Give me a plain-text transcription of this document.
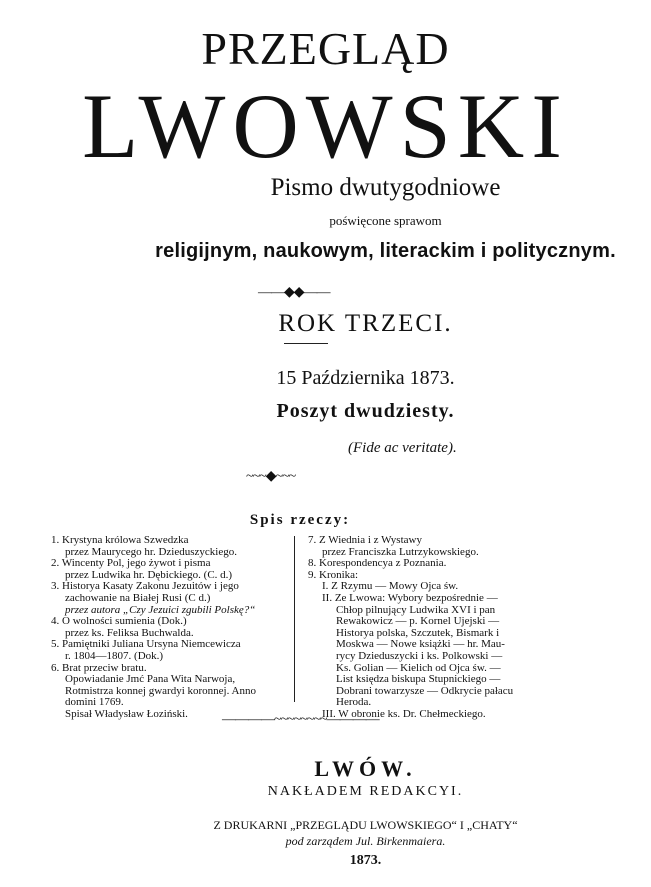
PRZEGLĄD
LWOWSKI
Pismo dwutygodniowe
poświęcone sprawom
religijnym, naukowym, literackim i politycznym.
——◆◆——
ROK TRZECI.
15 Października 1873.
Poszyt dwudziesty.
(Fide ac veritate).
~~~◆~~~
Spis rzeczy:
1. Krystyna królowa Szwedzka
przez Maurycego hr. Dzieduszyckiego.
2. Wincenty Pol, jego żywot i pisma
przez Ludwika hr. Dębickiego. (C. d.)
3. Historya Kasaty Zakonu Jezuitów i jego
zachowanie na Białej Rusi (C d.)
przez autora „Czy Jezuici zgubili Polskę?“
4. O wolności sumienia (Dok.)
przez ks. Feliksa Buchwalda.
5. Pamiętniki Juliana Ursyna Niemcewicza
r. 1804—1807. (Dok.)
6. Brat przeciw bratu.
Opowiadanie Jmć Pana Wita Narwoja,
Rotmistrza konnej gwardyi koronnej. Anno
domini 1769.
Spisał Władysław Łoziński.
7. Z Wiednia i z Wystawy
przez Franciszka Lutrzykowskiego.
8. Korespondencya z Poznania.
9. Kronika:
I. Z Rzymu — Mowy Ojca św.
II. Ze Lwowa: Wybory bezpośrednie —
Chłop pilnujący Ludwika XVI i pan
Rewakowicz — p. Kornel Ujejski —
Historya polska, Szczutek, Bismark i
Moskwa — Nowe książki — hr. Mau-
rycy Dzieduszycki i ks. Polkowski —
Ks. Golian — Kielich od Ojca św. —
List księdza biskupa Stupnickiego —
Dobrani towarzysze — Odkrycie pałacu
Heroda.
III. W obronie ks. Dr. Chełmeckiego.
————~~~~~~~~————
LWÓW.
NAKŁADEM REDAKCYI.
Z DRUKARNI „PRZEGLĄDU LWOWSKIEGO“ I „CHATY“
pod zarządem Jul. Birkenmaiera.
1873.
